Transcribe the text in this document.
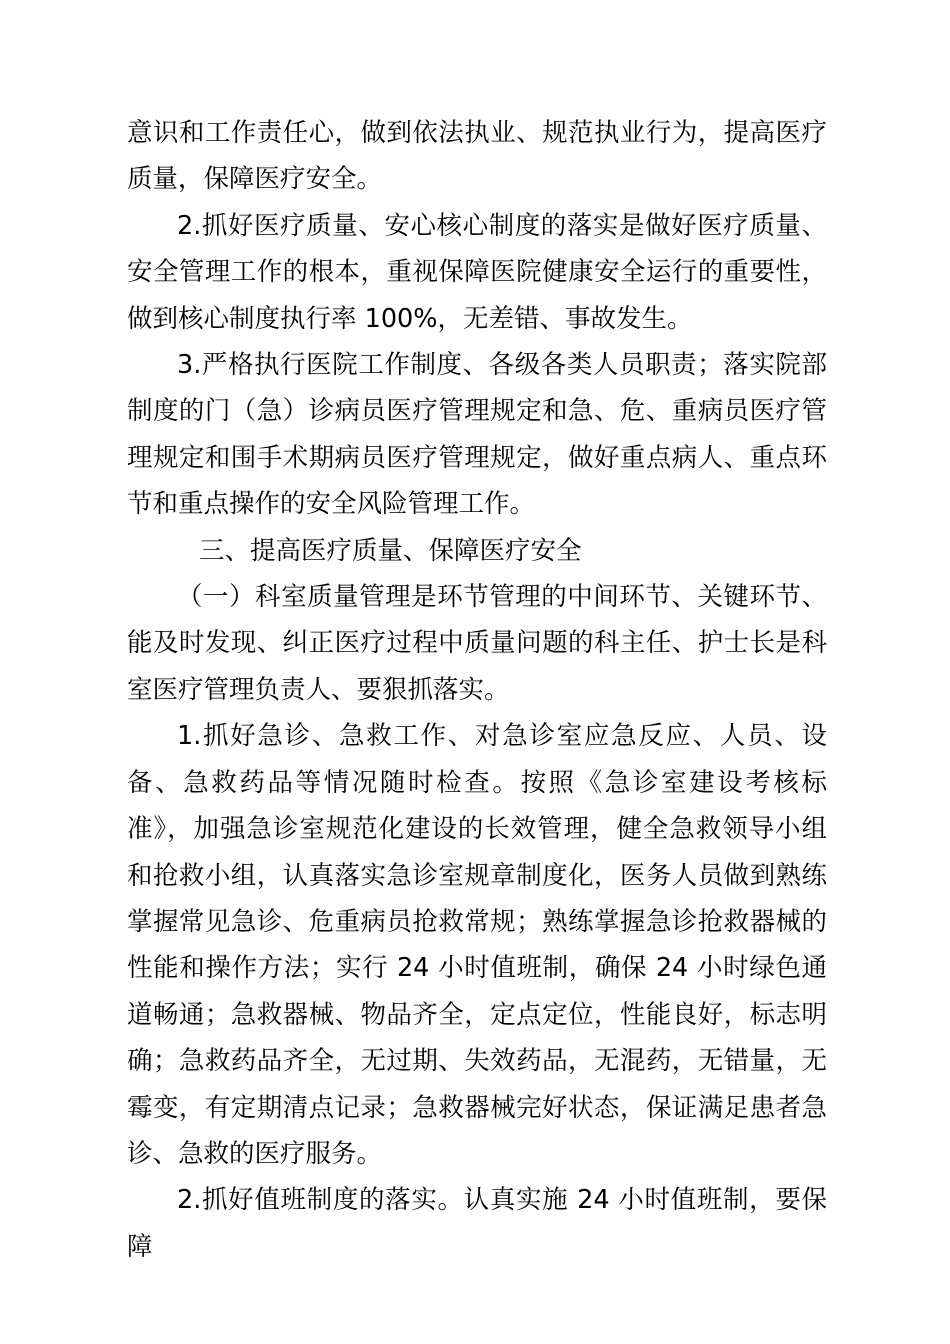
意识和工作责任心，做到依法执业、规范执业行为，提高医疗质量，保障医疗安全。

2.抓好医疗质量、安心核心制度的落实是做好医疗质量、安全管理工作的根本，重视保障医院健康安全运行的重要性，做到核心制度执行率 100%，无差错、事故发生。

3.严格执行医院工作制度、各级各类人员职责；落实院部制度的门（急）诊病员医疗管理规定和急、危、重病员医疗管理规定和围手术期病员医疗管理规定，做好重点病人、重点环节和重点操作的安全风险管理工作。

三、提高医疗质量、保障医疗安全

（一）科室质量管理是环节管理的中间环节、关键环节、能及时发现、纠正医疗过程中质量问题的科主任、护士长是科室医疗管理负责人、要狠抓落实。

1.抓好急诊、急救工作、对急诊室应急反应、人员、设备、急救药品等情况随时检查。按照《急诊室建设考核标准》，加强急诊室规范化建设的长效管理，健全急救领导小组和抢救小组，认真落实急诊室规章制度化，医务人员做到熟练掌握常见急诊、危重病员抢救常规；熟练掌握急诊抢救器械的性能和操作方法；实行 24 小时值班制，确保 24 小时绿色通道畅通；急救器械、物品齐全，定点定位，性能良好，标志明确；急救药品齐全，无过期、失效药品，无混药，无错量，无霉变，有定期清点记录；急救器械完好状态，保证满足患者急诊、急救的医疗服务。

2.抓好值班制度的落实。认真实施 24 小时值班制，要保障
